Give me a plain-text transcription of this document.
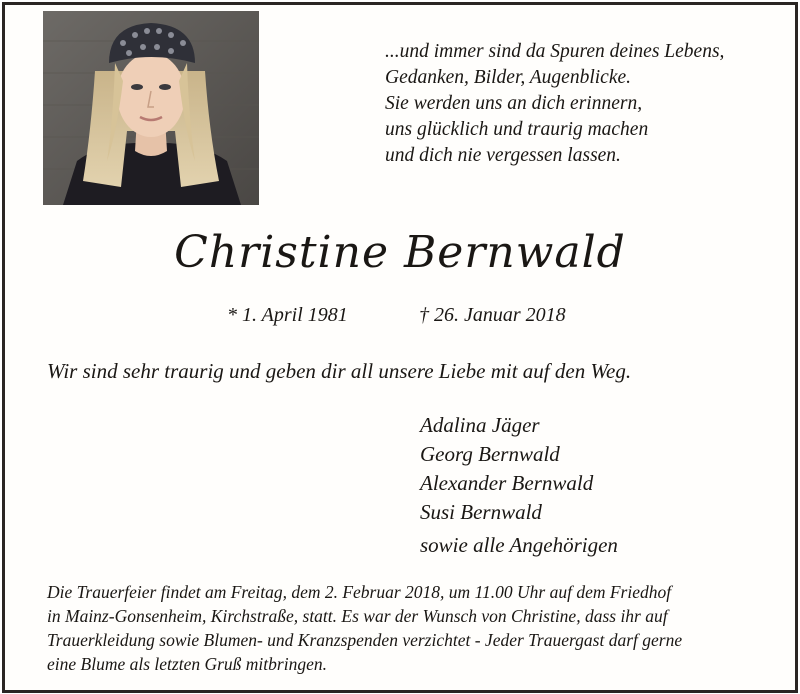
...und immer sind da Spuren deines Lebens,
Gedanken, Bilder, Augenblicke.
Sie werden uns an dich erinnern,
uns glücklich und traurig machen
und dich nie vergessen lassen.
Christine Bernwald
* 1. April 1981	† 26. Januar 2018
Wir sind sehr traurig und geben dir all unsere Liebe mit auf den Weg.
Adalina Jäger
Georg Bernwald
Alexander Bernwald
Susi Bernwald
sowie alle Angehörigen
Die Trauerfeier findet am Freitag, dem 2. Februar 2018, um 11.00 Uhr auf dem Friedhof
in Mainz-Gonsenheim, Kirchstraße, statt. Es war der Wunsch von Christine, dass ihr auf
Trauerkleidung sowie Blumen- und Kranzspenden verzichtet - Jeder Trauergast darf gerne
eine Blume als letzten Gruß mitbringen.
